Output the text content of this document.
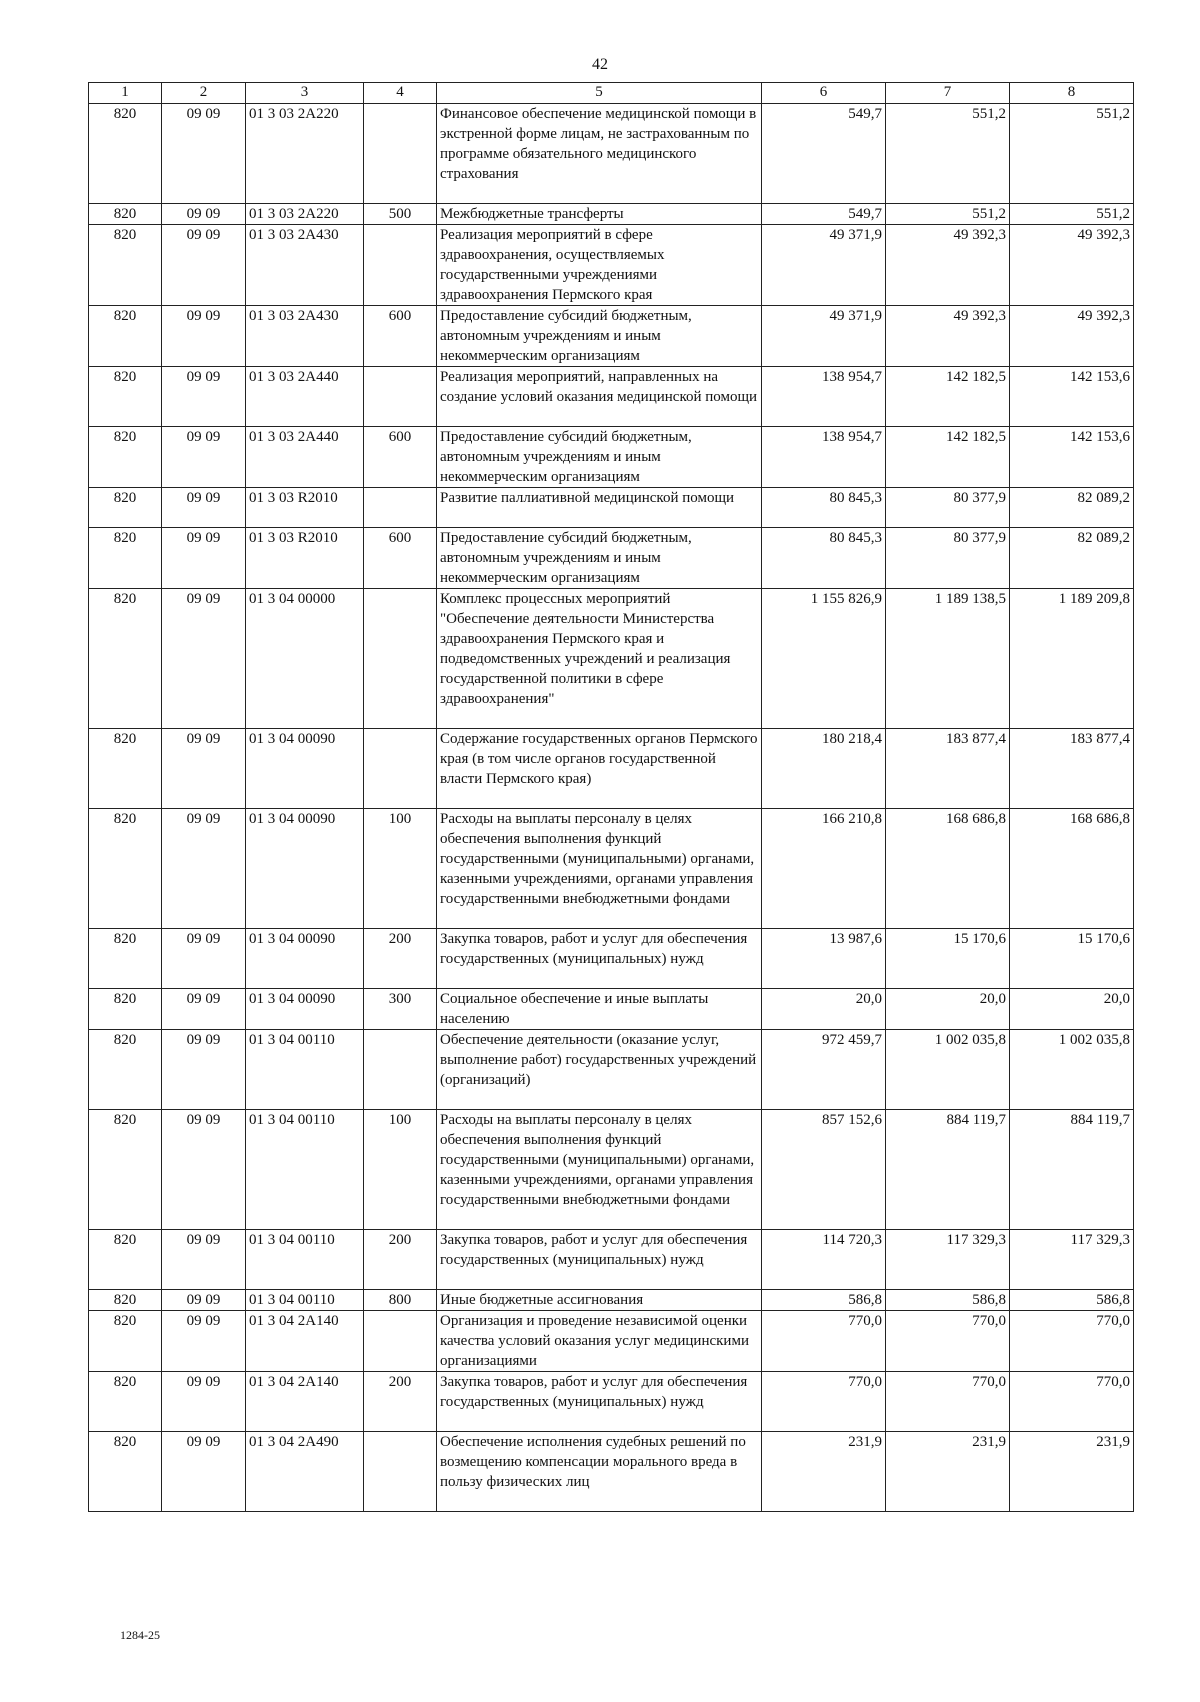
42
1	2	3	4	5	6	7	8
820	09 09	01 3 03 2А220		Финансовое обеспечение медицинской помощи в экстренной форме лицам, не застрахованным по программе обязательного медицинского страхования	549,7	551,2	551,2
820	09 09	01 3 03 2А220	500	Межбюджетные трансферты	549,7	551,2	551,2
820	09 09	01 3 03 2А430		Реализация мероприятий в сфере здравоохранения, осуществляемых государственными учреждениями здравоохранения Пермского края	49 371,9	49 392,3	49 392,3
820	09 09	01 3 03 2А430	600	Предоставление субсидий бюджетным, автономным учреждениям и иным некоммерческим организациям	49 371,9	49 392,3	49 392,3
820	09 09	01 3 03 2А440		Реализация мероприятий, направленных на создание условий оказания медицинской помощи	138 954,7	142 182,5	142 153,6
820	09 09	01 3 03 2А440	600	Предоставление субсидий бюджетным, автономным учреждениям и иным некоммерческим организациям	138 954,7	142 182,5	142 153,6
820	09 09	01 3 03 R2010		Развитие паллиативной медицинской помощи	80 845,3	80 377,9	82 089,2
820	09 09	01 3 03 R2010	600	Предоставление субсидий бюджетным, автономным учреждениям и иным некоммерческим организациям	80 845,3	80 377,9	82 089,2
820	09 09	01 3 04 00000		Комплекс процессных мероприятий "Обеспечение деятельности Министерства здравоохранения Пермского края и подведомственных учреждений и реализация государственной политики в сфере здравоохранения"	1 155 826,9	1 189 138,5	1 189 209,8
820	09 09	01 3 04 00090		Содержание государственных органов Пермского края (в том числе органов государственной власти Пермского края)	180 218,4	183 877,4	183 877,4
820	09 09	01 3 04 00090	100	Расходы на выплаты персоналу в целях обеспечения выполнения функций государственными (муниципальными) органами, казенными учреждениями, органами управления государственными внебюджетными фондами	166 210,8	168 686,8	168 686,8
820	09 09	01 3 04 00090	200	Закупка товаров, работ и услуг для обеспечения государственных (муниципальных) нужд	13 987,6	15 170,6	15 170,6
820	09 09	01 3 04 00090	300	Социальное обеспечение и иные выплаты населению	20,0	20,0	20,0
820	09 09	01 3 04 00110		Обеспечение деятельности (оказание услуг, выполнение работ) государственных учреждений (организаций)	972 459,7	1 002 035,8	1 002 035,8
820	09 09	01 3 04 00110	100	Расходы на выплаты персоналу в целях обеспечения выполнения функций государственными (муниципальными) органами, казенными учреждениями, органами управления государственными внебюджетными фондами	857 152,6	884 119,7	884 119,7
820	09 09	01 3 04 00110	200	Закупка товаров, работ и услуг для обеспечения государственных (муниципальных) нужд	114 720,3	117 329,3	117 329,3
820	09 09	01 3 04 00110	800	Иные бюджетные ассигнования	586,8	586,8	586,8
820	09 09	01 3 04 2А140		Организация и проведение независимой оценки качества условий оказания услуг медицинскими организациями	770,0	770,0	770,0
820	09 09	01 3 04 2А140	200	Закупка товаров, работ и услуг для обеспечения государственных (муниципальных) нужд	770,0	770,0	770,0
820	09 09	01 3 04 2А490		Обеспечение исполнения судебных решений по возмещению компенсации морального вреда в пользу физических лиц	231,9	231,9	231,9
1284-25
